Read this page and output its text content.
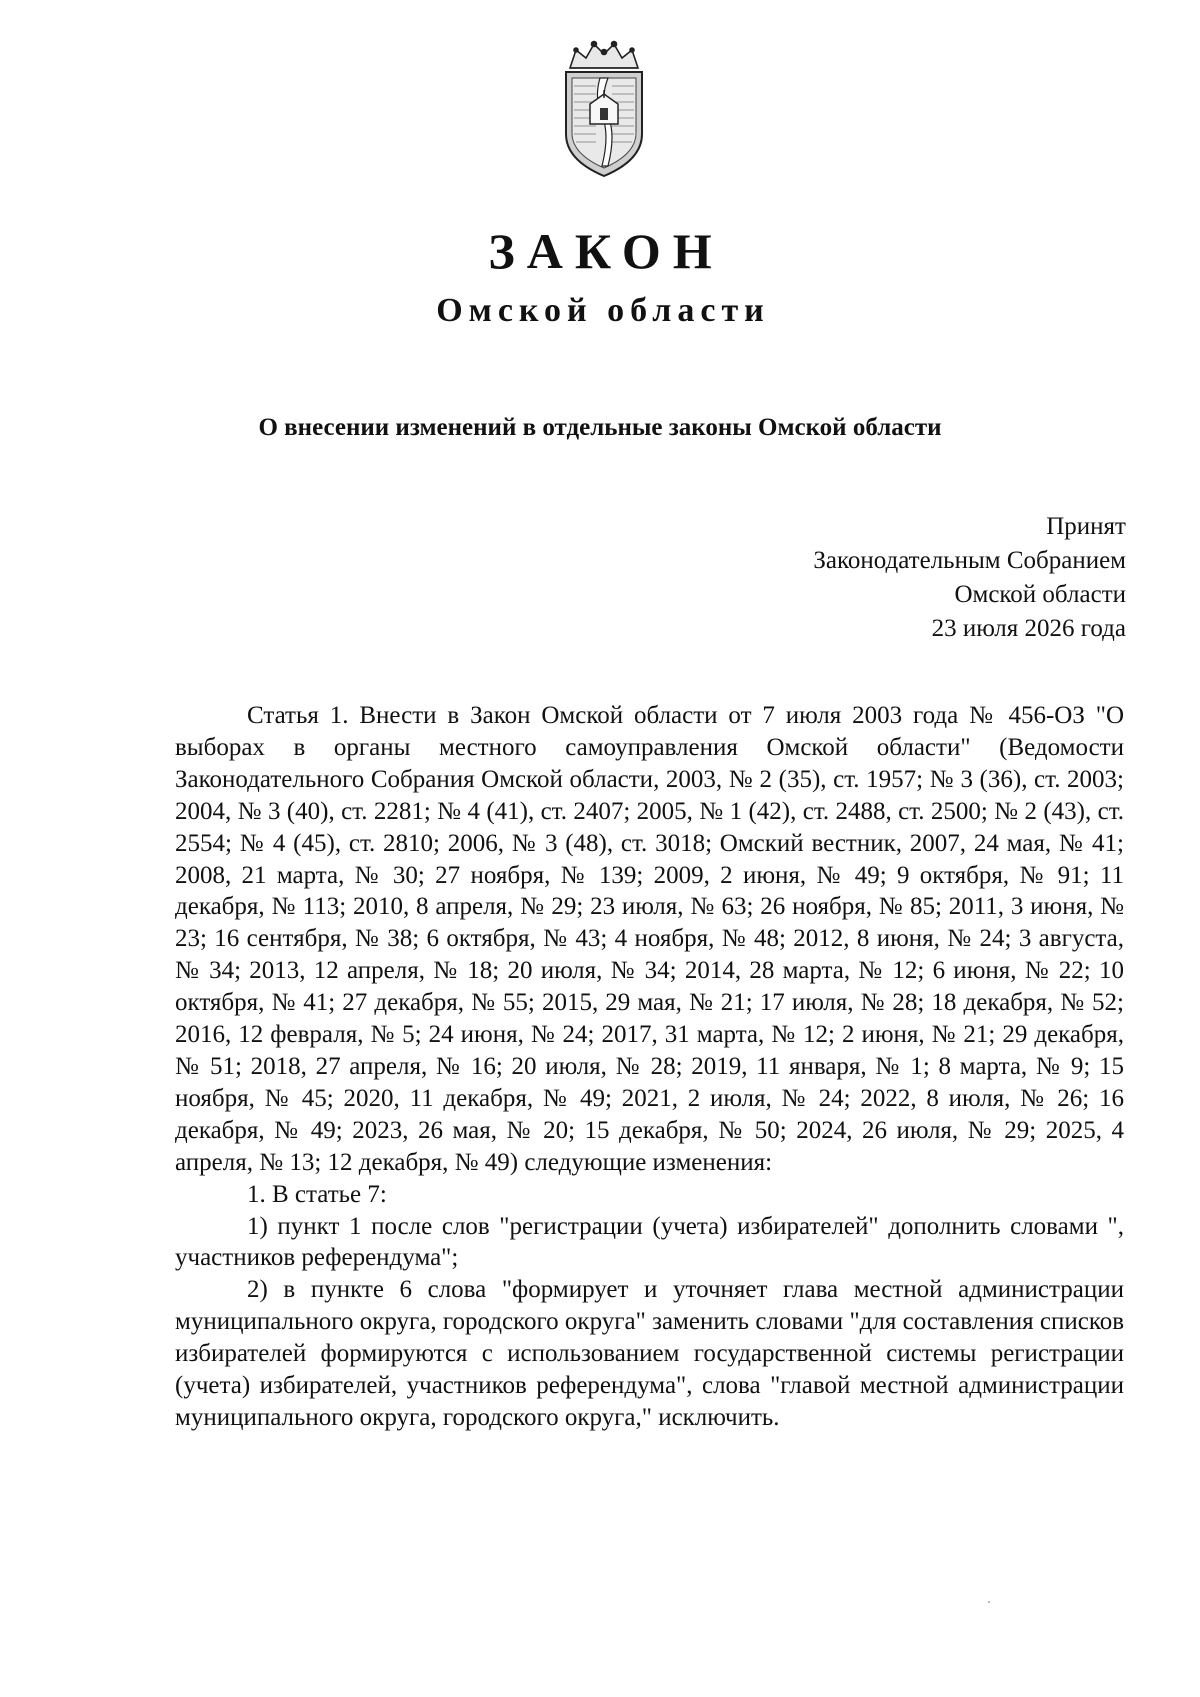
ЗАКОН
Омской области
О внесении изменений в отдельные законы Омской области
Принят
Законодательным Собранием
Омской области
23 июля 2026 года

Статья 1. Внести в Закон Омской области от 7 июля 2003 года № 456-ОЗ "О выборах в органы местного самоуправления Омской области" (Ведомости Законодательного Собрания Омской области, 2003, № 2 (35), ст. 1957; № 3 (36), ст. 2003; 2004, № 3 (40), ст. 2281; № 4 (41), ст. 2407; 2005, № 1 (42), ст. 2488, ст. 2500; № 2 (43), ст. 2554; № 4 (45), ст. 2810; 2006, № 3 (48), ст. 3018; Омский вестник, 2007, 24 мая, № 41; 2008, 21 марта, № 30; 27 ноября, № 139; 2009, 2 июня, № 49; 9 октября, № 91; 11 декабря, № 113; 2010, 8 апреля, № 29; 23 июля, № 63; 26 ноября, № 85; 2011, 3 июня, № 23; 16 сентября, № 38; 6 октября, № 43; 4 ноября, № 48; 2012, 8 июня, № 24; 3 августа, № 34; 2013, 12 апреля, № 18; 20 июля, № 34; 2014, 28 марта, № 12; 6 июня, № 22; 10 октября, № 41; 27 декабря, № 55; 2015, 29 мая, № 21; 17 июля, № 28; 18 декабря, № 52; 2016, 12 февраля, № 5; 24 июня, № 24; 2017, 31 марта, № 12; 2 июня, № 21; 29 декабря, № 51; 2018, 27 апреля, № 16; 20 июля, № 28; 2019, 11 января, № 1; 8 марта, № 9; 15 ноября, № 45; 2020, 11 декабря, № 49; 2021, 2 июля, № 24; 2022, 8 июля, № 26; 16 декабря, № 49; 2023, 26 мая, № 20; 15 декабря, № 50; 2024, 26 июля, № 29; 2025, 4 апреля, № 13; 12 декабря, № 49) следующие изменения:

1. В статье 7:

1) пункт 1 после слов "регистрации (учета) избирателей" дополнить словами ", участников референдума";

2) в пункте 6 слова "формирует и уточняет глава местной администрации муниципального округа, городского округа" заменить словами "для составления списков избирателей формируются с использованием государственной системы регистрации (учета) избирателей, участников референдума", слова "главой местной администрации муниципального округа, городского округа," исключить.
